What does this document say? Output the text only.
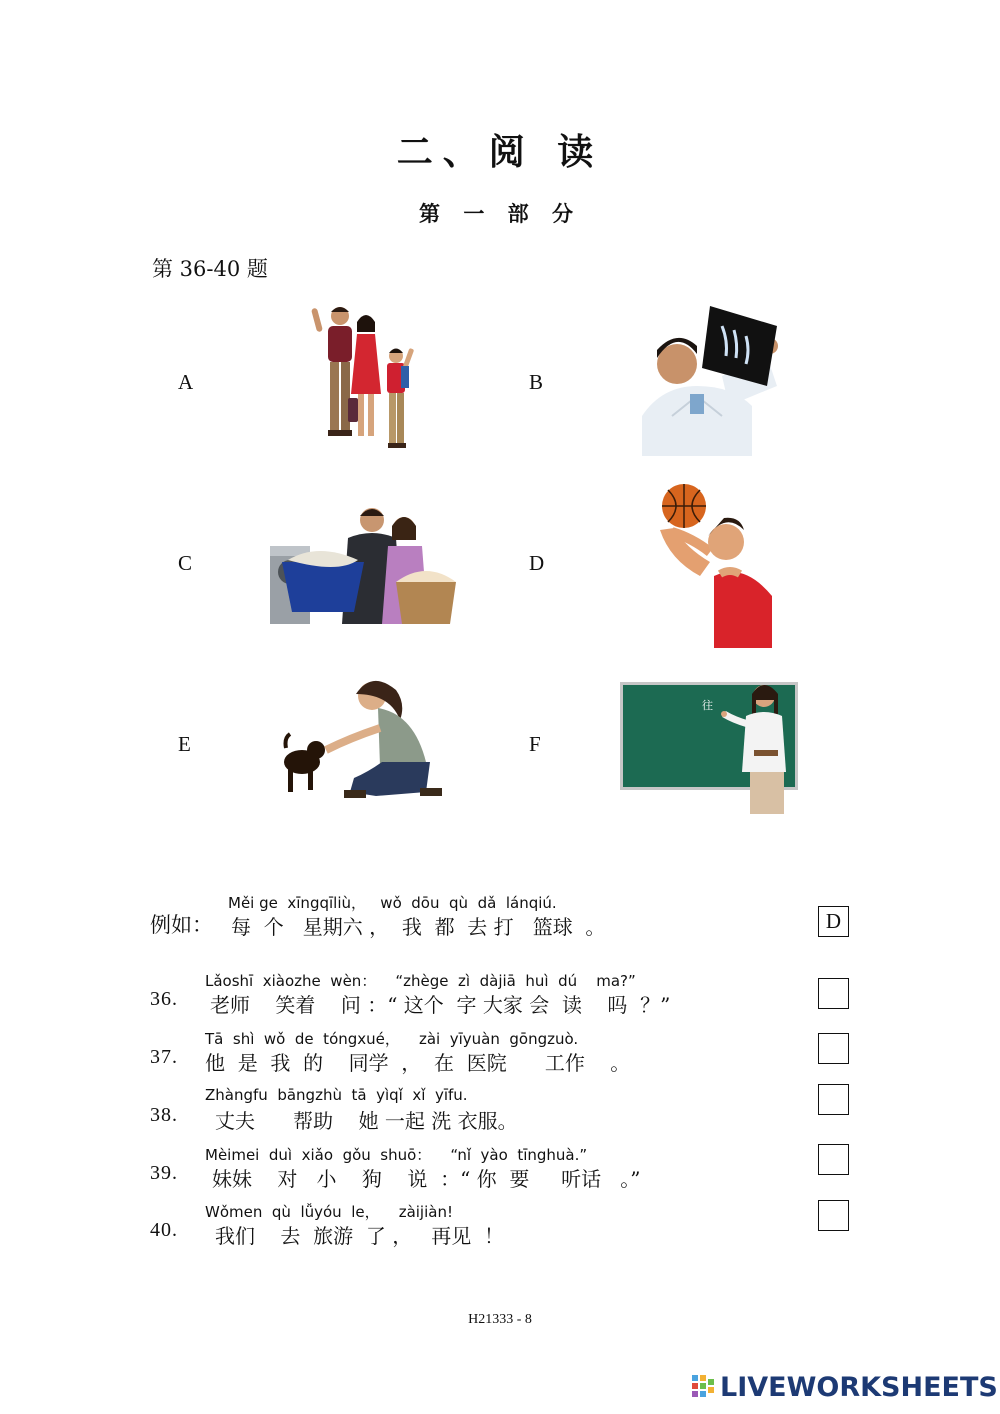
二、阅 读
第 一 部 分
第 36-40 题
A	B
C	D
E	F
往
Měi ge  xīngqīliù，   wǒ  dōu  qù  dǎ  lánqiú.
例如： 每  个   星期六 ，  我  都  去 打   篮球  。	D
Lǎoshī  xiàozhe  wèn：    “zhège  zì  dàjiā  huì  dú    ma?”
36. 老师    笑着    问 ：“ 这个  字 大家 会  读    吗  ？”
Tā  shì  wǒ  de  tóngxué，    zài  yīyuàn  gōngzuò.
37. 他  是  我  的    同学  ，  在  医院      工作    。
Zhàngfu  bāngzhù  tā  yìqǐ  xǐ  yīfu.
38. 丈夫      帮助    她 一起 洗 衣服。
Mèimei  duì  xiǎo  gǒu  shuō：    “nǐ  yào  tīnghuà.”
39. 妹妹    对   小    狗    说  ：“ 你  要     听话   。”
Wǒmen  qù  lǚyóu  le，    zàijiàn!
40. 我们    去  旅游  了 ，   再见  ！
H21333 - 8
LIVEWORKSHEETS
